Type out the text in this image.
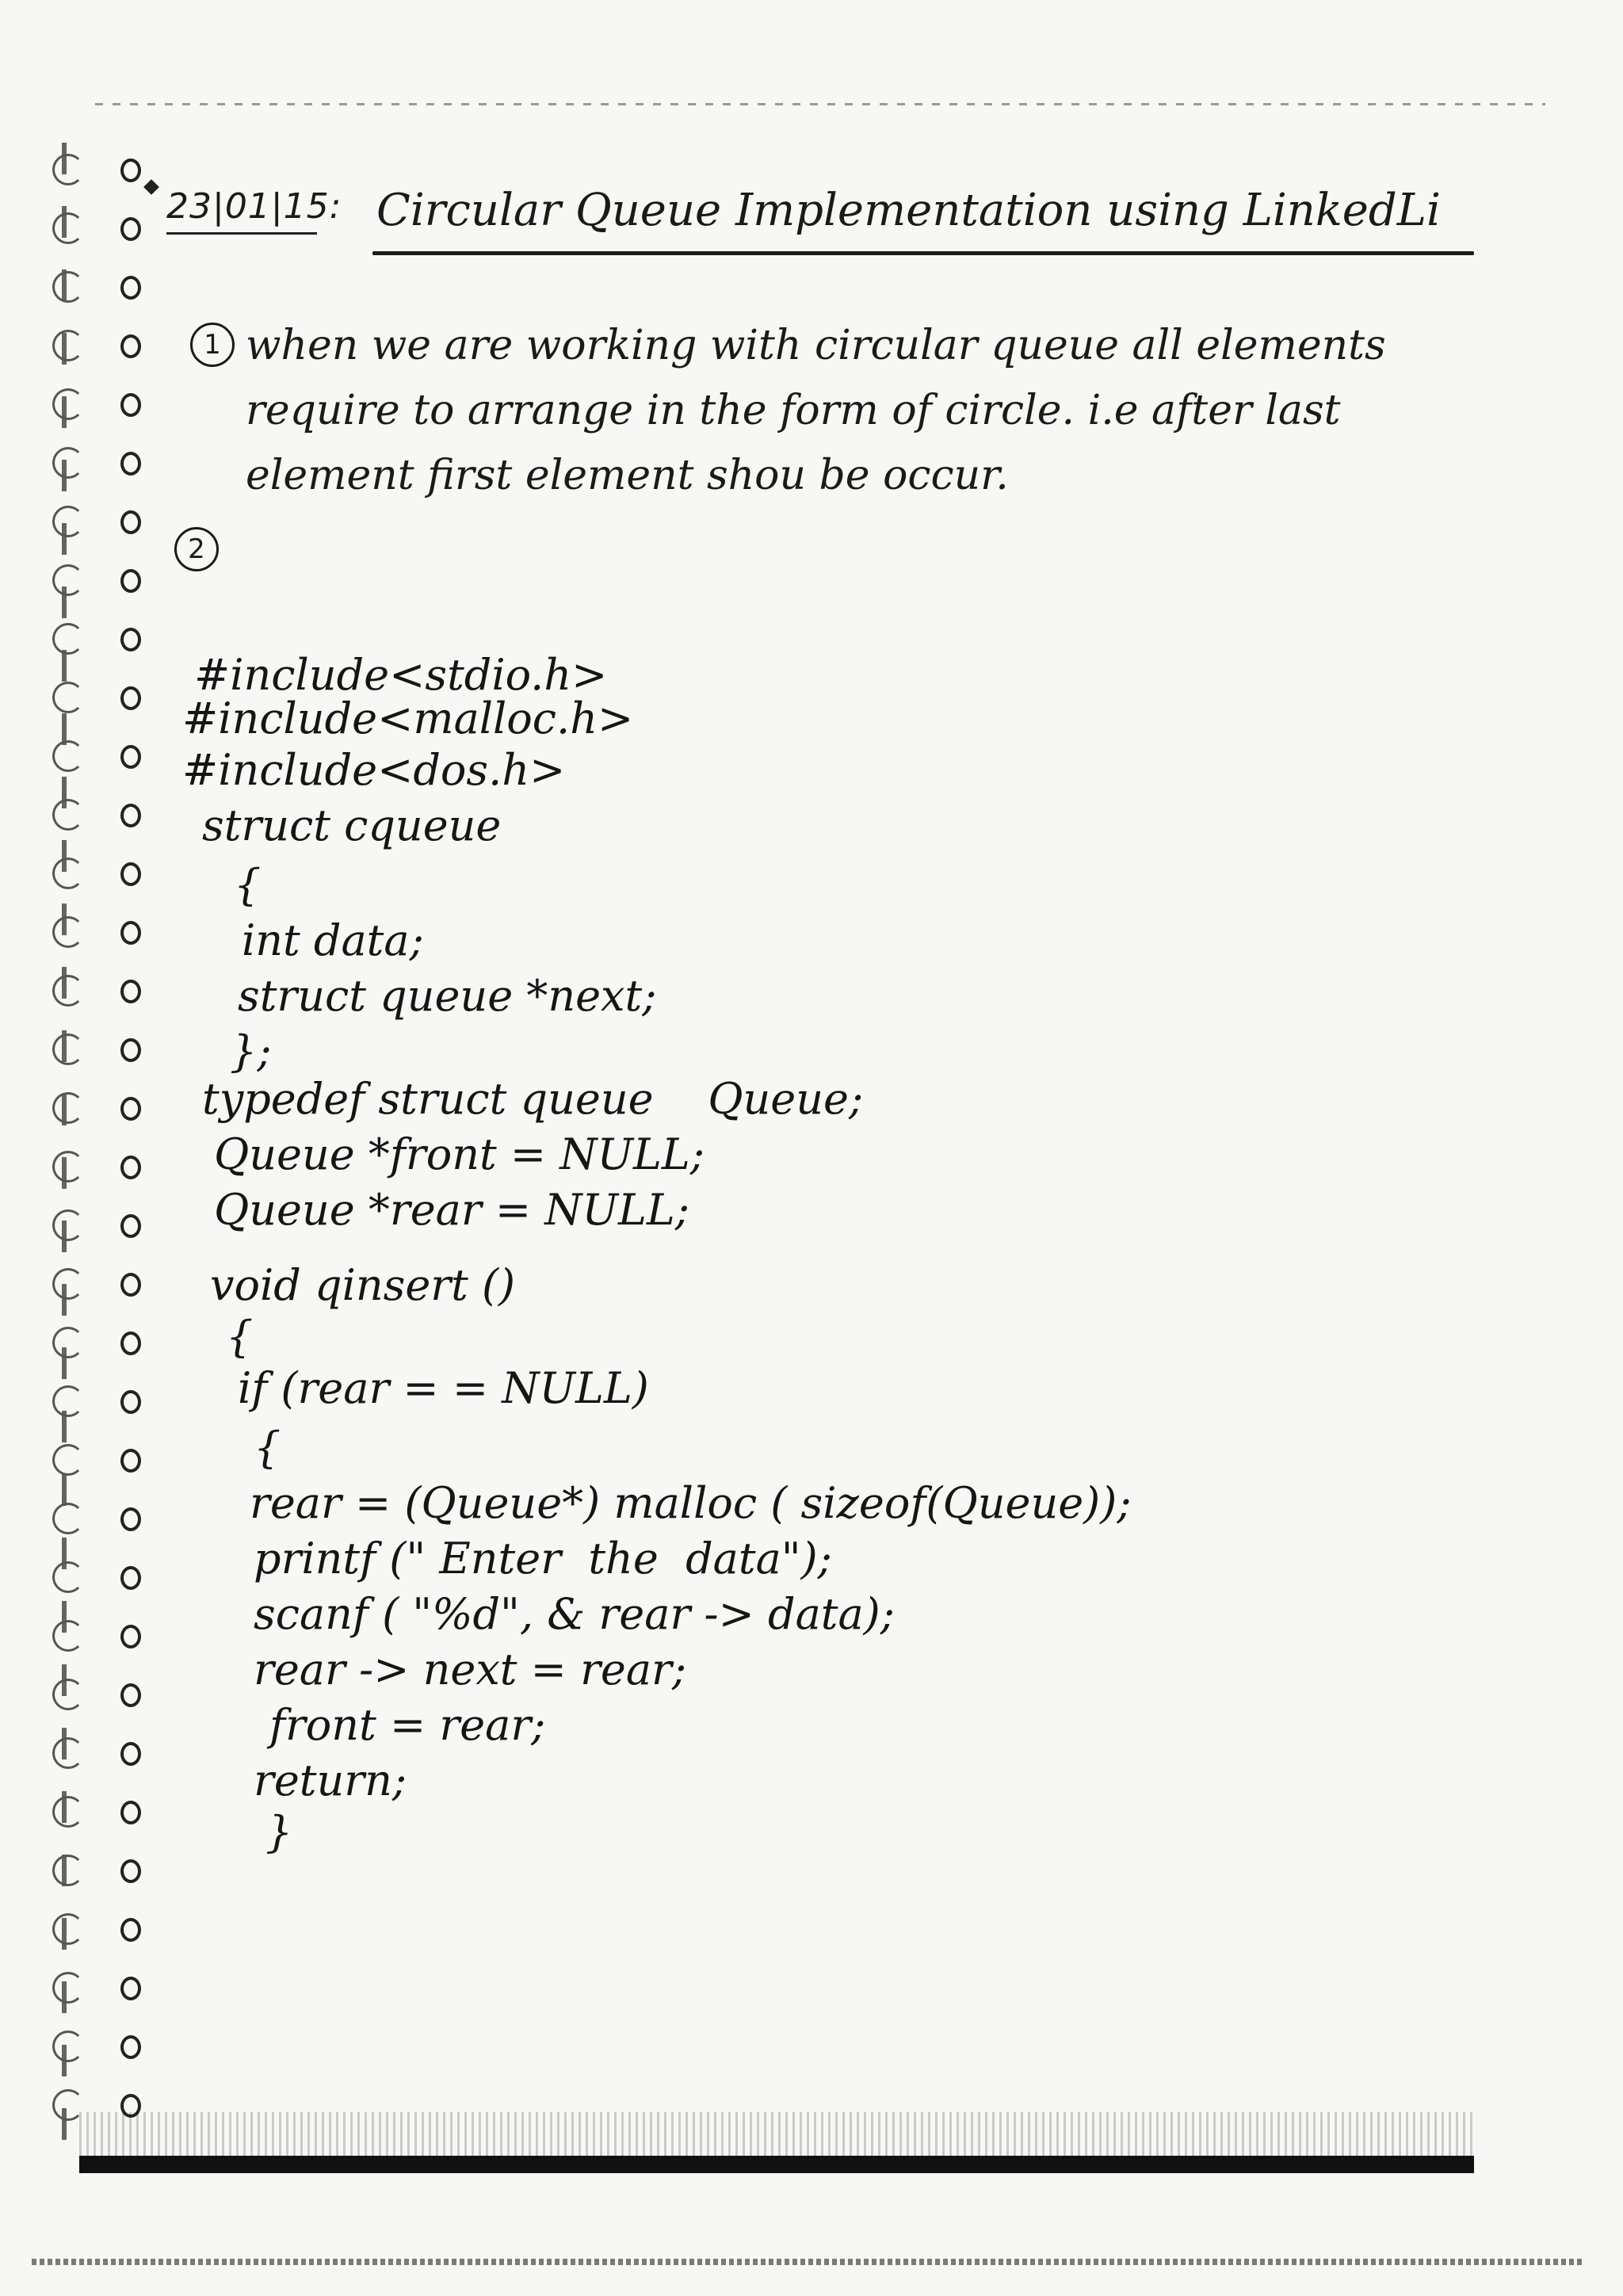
23|01|15: Circular Queue Implementation using LinkedLi
1 when we are working with circular queue all elements require to arrange in the form of circle. i.e after last element first element shou be occur.
2
#include<stdio.h>
#include<malloc.h>
#include<dos.h>
struct cqueue
{
int data;
struct queue *next;
};
typedef struct queue    Queue;
Queue *front = NULL;
Queue *rear = NULL;
void qinsert ()
{
if (rear = = NULL)
{
rear = (Queue*) malloc ( sizeof(Queue));
printf (" Enter  the  data");
scanf ( "%d", & rear -> data);
rear -> next = rear;
front = rear;
return;
}
